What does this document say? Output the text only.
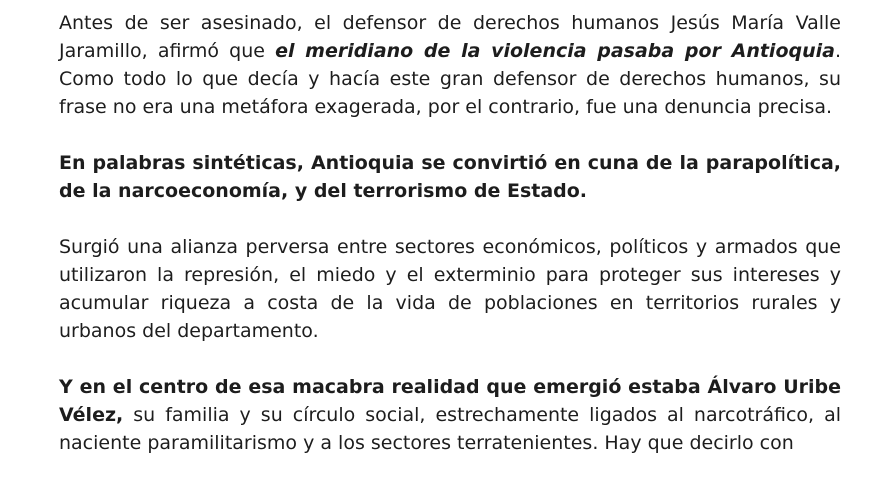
Antes de ser asesinado, el defensor de derechos humanos Jesús María Valle Jaramillo, afirmó que el meridiano de la violencia pasaba por Antioquia. Como todo lo que decía y hacía este gran defensor de derechos humanos, su frase no era una metáfora exagerada, por el contrario, fue una denuncia precisa.

En palabras sintéticas, Antioquia se convirtió en cuna de la parapolítica, de la narcoeconomía, y del terrorismo de Estado.

Surgió una alianza perversa entre sectores económicos, políticos y armados que utilizaron la represión, el miedo y el exterminio para proteger sus intereses y acumular riqueza a costa de la vida de poblaciones en territorios rurales y urbanos del departamento.

Y en el centro de esa macabra realidad que emergió estaba Álvaro Uribe Vélez, su familia y su círculo social, estrechamente ligados al narcotráfico, al naciente paramilitarismo y a los sectores terratenientes. Hay que decirlo con
